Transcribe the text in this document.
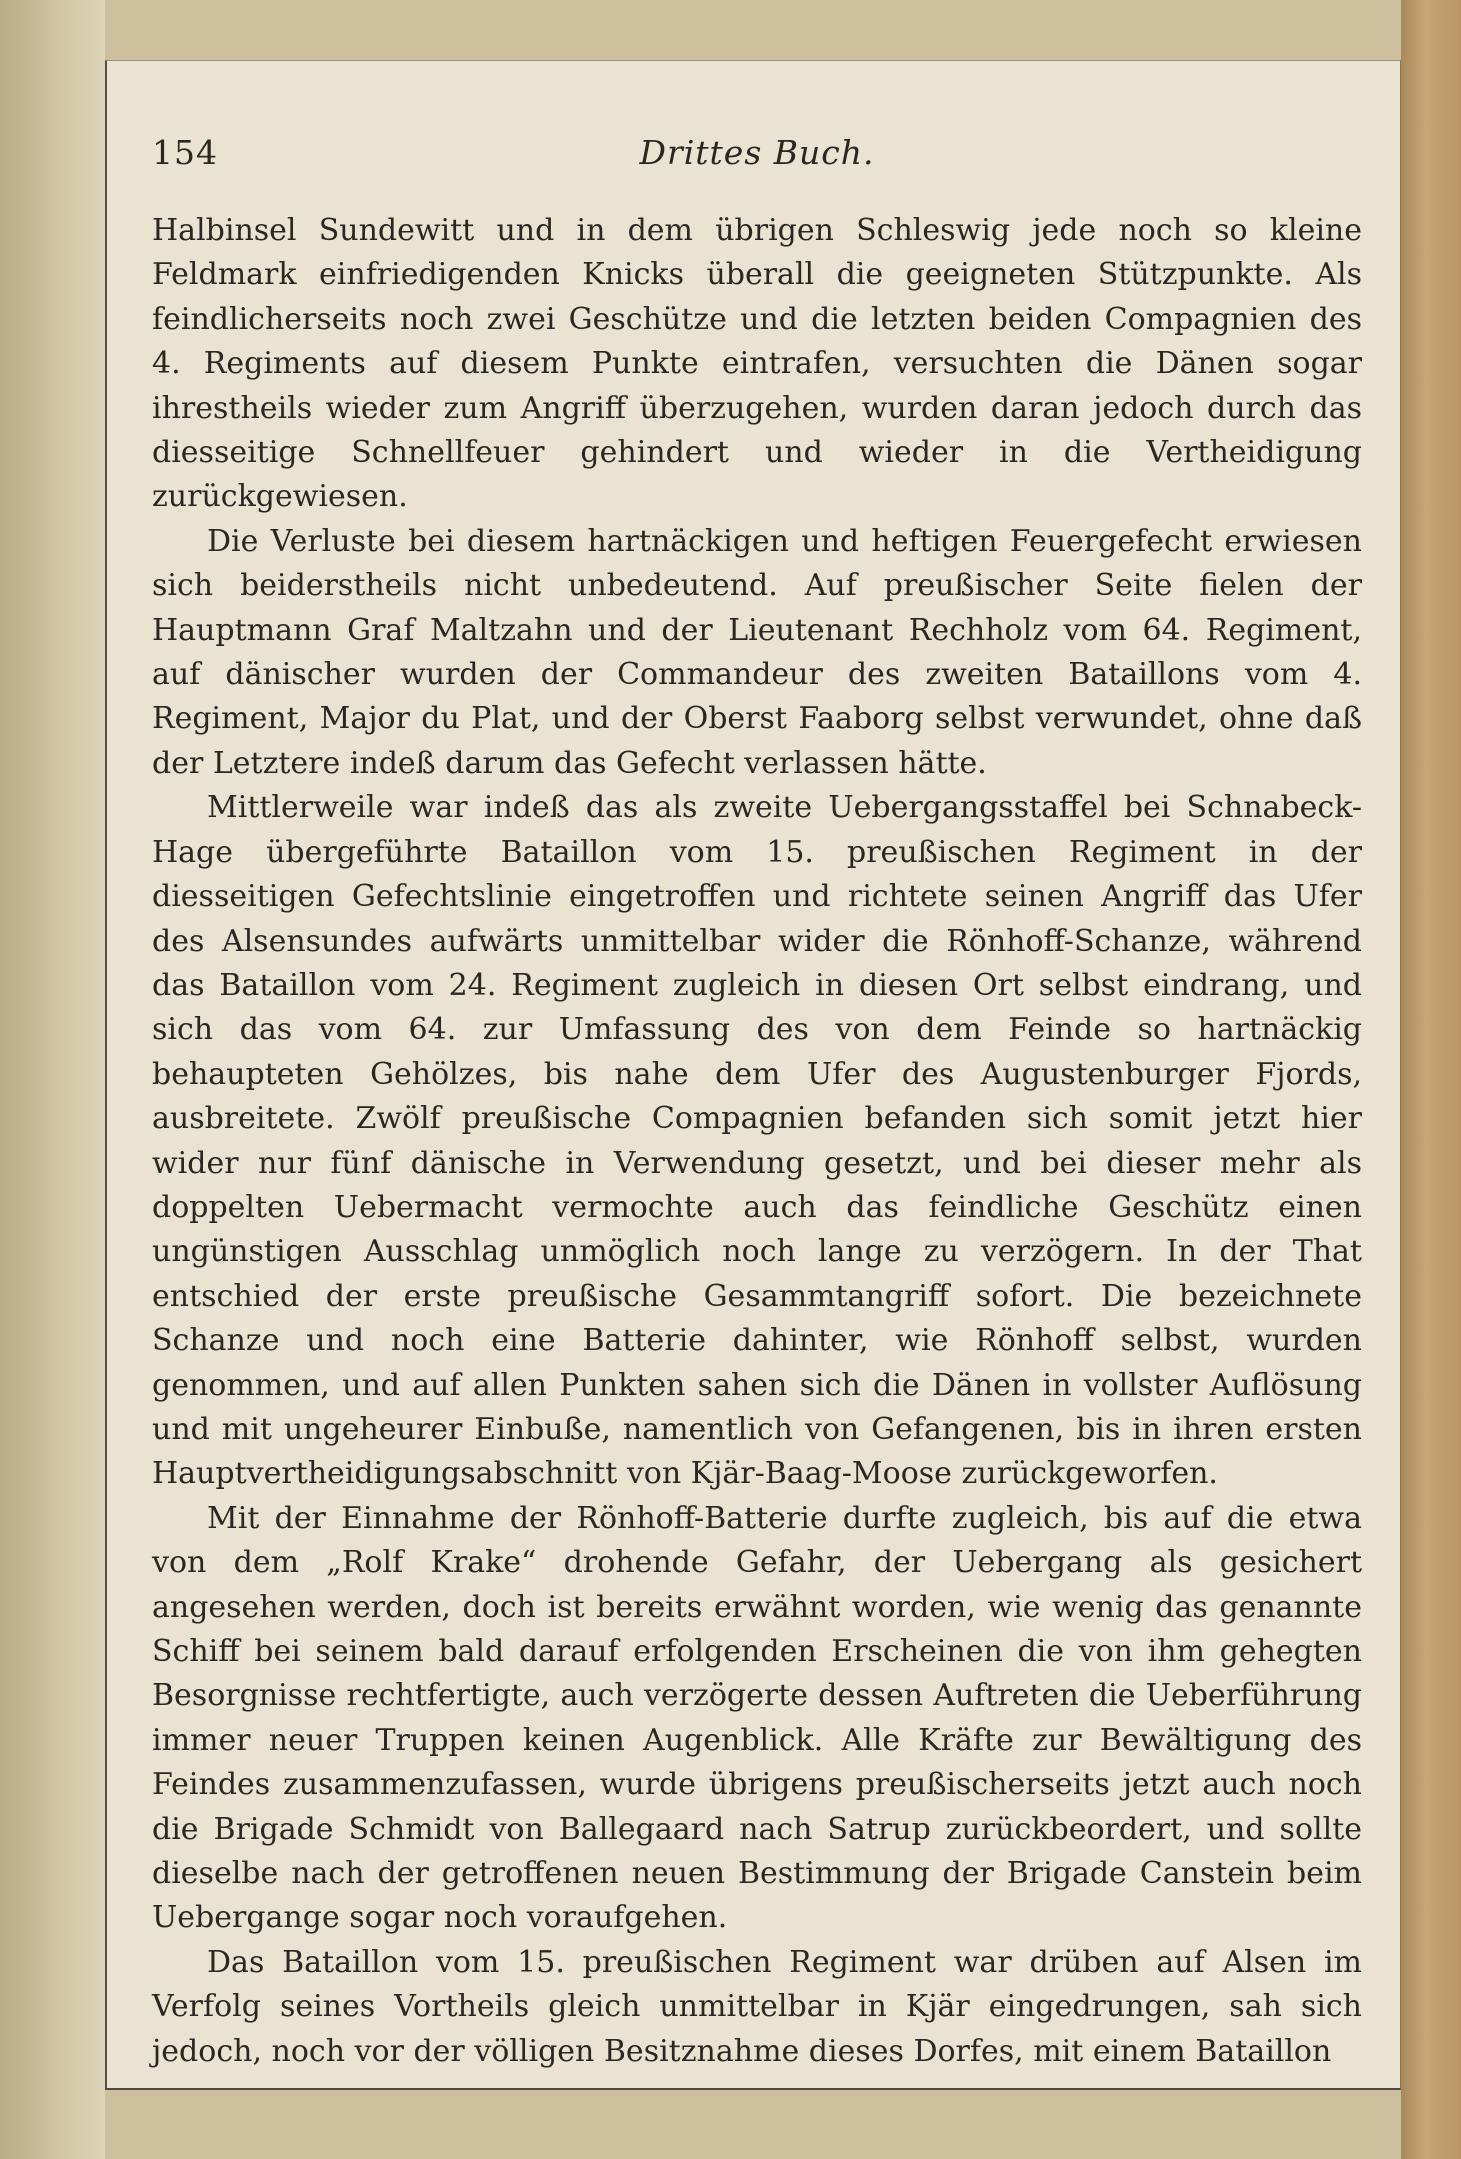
154	Drittes Buch.

Halbinsel Sundewitt und in dem übrigen Schleswig jede noch so kleine Feldmark einfriedigenden Knicks überall die geeigneten Stützpunkte. Als feindlicherseits noch zwei Geschütze und die letzten beiden Compagnien des 4. Regiments auf diesem Punkte eintrafen, versuchten die Dänen sogar ihrestheils wieder zum Angriff überzugehen, wurden daran jedoch durch das diesseitige Schnellfeuer gehindert und wieder in die Vertheidigung zurückgewiesen.

Die Verluste bei diesem hartnäckigen und heftigen Feuergefecht erwiesen sich beiderstheils nicht unbedeutend. Auf preußischer Seite fielen der Hauptmann Graf Maltzahn und der Lieutenant Rechholz vom 64. Regiment, auf dänischer wurden der Commandeur des zweiten Bataillons vom 4. Regiment, Major du Plat, und der Oberst Faaborg selbst verwundet, ohne daß der Letztere indeß darum das Gefecht verlassen hätte.

Mittlerweile war indeß das als zweite Uebergangsstaffel bei Schnabeck-Hage übergeführte Bataillon vom 15. preußischen Regiment in der diesseitigen Gefechtslinie eingetroffen und richtete seinen Angriff das Ufer des Alsensundes aufwärts unmittelbar wider die Rönhoff-Schanze, während das Bataillon vom 24. Regiment zugleich in diesen Ort selbst eindrang, und sich das vom 64. zur Umfassung des von dem Feinde so hartnäckig behaupteten Gehölzes, bis nahe dem Ufer des Augustenburger Fjords, ausbreitete. Zwölf preußische Compagnien befanden sich somit jetzt hier wider nur fünf dänische in Verwendung gesetzt, und bei dieser mehr als doppelten Uebermacht vermochte auch das feindliche Geschütz einen ungünstigen Ausschlag unmöglich noch lange zu verzögern. In der That entschied der erste preußische Gesammtangriff sofort. Die bezeichnete Schanze und noch eine Batterie dahinter, wie Rönhoff selbst, wurden genommen, und auf allen Punkten sahen sich die Dänen in vollster Auflösung und mit ungeheurer Einbuße, namentlich von Gefangenen, bis in ihren ersten Hauptvertheidigungsabschnitt von Kjär-Baag-Moose zurückgeworfen.

Mit der Einnahme der Rönhoff-Batterie durfte zugleich, bis auf die etwa von dem „Rolf Krake“ drohende Gefahr, der Uebergang als gesichert angesehen werden, doch ist bereits erwähnt worden, wie wenig das genannte Schiff bei seinem bald darauf erfolgenden Erscheinen die von ihm gehegten Besorgnisse rechtfertigte, auch verzögerte dessen Auftreten die Ueberführung immer neuer Truppen keinen Augenblick. Alle Kräfte zur Bewältigung des Feindes zusammenzufassen, wurde übrigens preußischerseits jetzt auch noch die Brigade Schmidt von Ballegaard nach Satrup zurückbeordert, und sollte dieselbe nach der getroffenen neuen Bestimmung der Brigade Canstein beim Uebergange sogar noch voraufgehen.

Das Bataillon vom 15. preußischen Regiment war drüben auf Alsen im Verfolg seines Vortheils gleich unmittelbar in Kjär eingedrungen, sah sich jedoch, noch vor der völligen Besitznahme dieses Dorfes, mit einem Bataillon
